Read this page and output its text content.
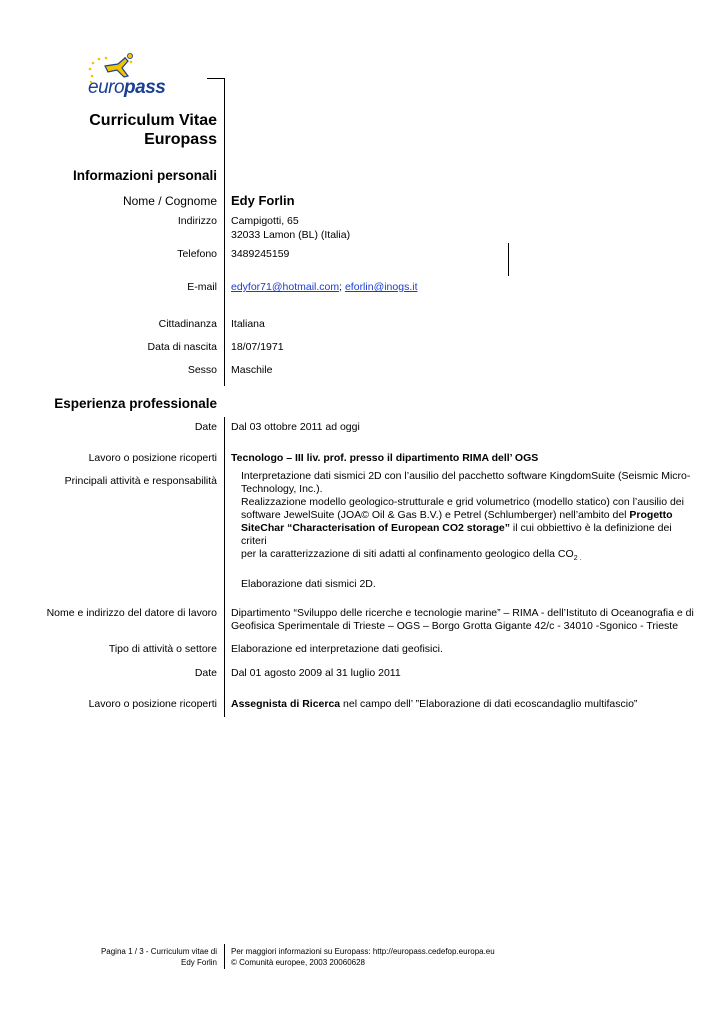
europass
Curriculum Vitae
Europass
Informazioni personali
Nome / Cognome Edy Forlin
Indirizzo Campigotti, 65
32033 Lamon (BL) (Italia)
Telefono 3489245159
E-mail edyfor71@hotmail.com; eforlin@inogs.it
Cittadinanza Italiana
Data di nascita 18/07/1971
Sesso Maschile
Esperienza professionale
Date Dal 03 ottobre 2011 ad oggi
Lavoro o posizione ricoperti Tecnologo – III liv. prof. presso il dipartimento RIMA dell’ OGS
Principali attività e responsabilità Interpretazione dati sismici 2D con l’ausilio del pacchetto software KingdomSuite (Seismic Micro-
Technology, Inc.).
Realizzazione modello geologico-strutturale e grid volumetrico (modello statico) con l’ausilio dei
software JewelSuite (JOA© Oil & Gas B.V.) e Petrel (Schlumberger) nell’ambito del Progetto
SiteChar “Characterisation of European CO2 storage” il cui obbiettivo è la definizione dei criteri
per la caratterizzazione di siti adatti al confinamento geologico della $CO_{2 .}$
Elaborazione dati sismici 2D.
Nome e indirizzo del datore di lavoro Dipartimento “Sviluppo delle ricerche e tecnologie marine” – RIMA - dell’Istituto di Oceanografia e di
Geofisica Sperimentale di Trieste – OGS – Borgo Grotta Gigante 42/c - 34010 -Sgonico - Trieste
Tipo di attività o settore Elaborazione ed interpretazione dati geofisici.
Date Dal 01 agosto 2009 al 31 luglio 2011
Lavoro o posizione ricoperti Assegnista di Ricerca nel campo dell’ ”Elaborazione di dati ecoscandaglio multifascio”
Pagina 1 / 3 - Curriculum vitae di
Edy Forlin
Per maggiori informazioni su Europass: http://europass.cedefop.europa.eu
© Comunità europee, 2003 20060628
